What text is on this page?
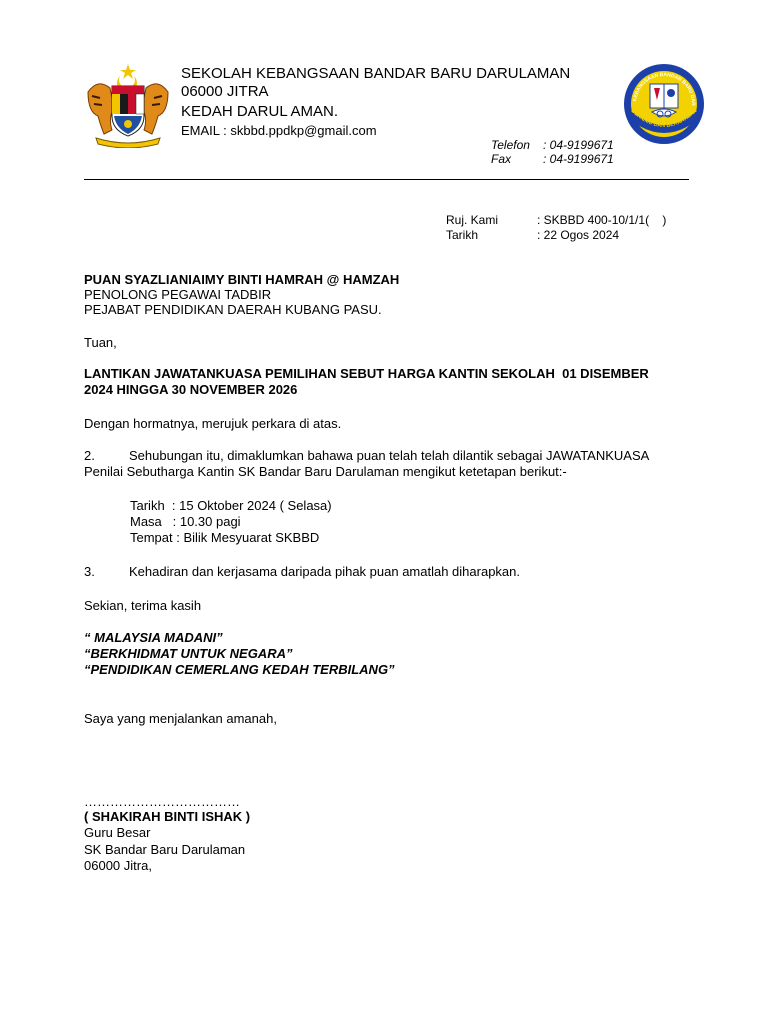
SEKOLAH KEBANGSAAN BANDAR BARU DARULAMAN
06000 JITRA
KEDAH DARUL AMAN.
EMAIL : skbbd.ppdkp@gmail.com
Telefon : 04-9199671
Fax	: 04-9199671
KEBANGSAAN BANDAR BARU DAR
BERILMU DAN BERAKHLAK
Ruj. Kami	: SKBBD 400-10/1/1(    )
Tarikh	: 22 Ogos 2024
PUAN SYAZLIANIAIMY BINTI HAMRAH @ HAMZAH
PENOLONG PEGAWAI TADBIR
PEJABAT PENDIDIKAN DAERAH KUBANG PASU.
Tuan,
LANTIKAN JAWATANKUASA PEMILIHAN SEBUT HARGA KANTIN SEKOLAH  01 DISEMBER
2024 HINGGA 30 NOVEMBER 2026
Dengan hormatnya, merujuk perkara di atas.
2.	Sehubungan itu, dimaklumkan bahawa puan telah telah dilantik sebagai JAWATANKUASA
Penilai Sebutharga Kantin SK Bandar Baru Darulaman mengikut ketetapan berikut:-
Tarikh  : 15 Oktober 2024 ( Selasa)
Masa   : 10.30 pagi
Tempat : Bilik Mesyuarat SKBBD
3.	Kehadiran dan kerjasama daripada pihak puan amatlah diharapkan.
Sekian, terima kasih
“ MALAYSIA MADANI”
“BERKHIDMAT UNTUK NEGARA”
“PENDIDIKAN CEMERLANG KEDAH TERBILANG”
Saya yang menjalankan amanah,
………………………………
( SHAKIRAH BINTI ISHAK )
Guru Besar
SK Bandar Baru Darulaman
06000 Jitra,
